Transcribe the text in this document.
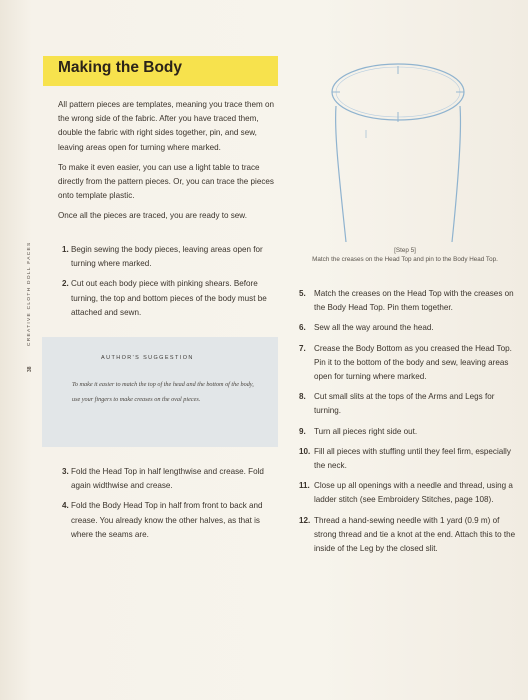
Making the Body

All pattern pieces are templates, meaning you trace them on the wrong side of the fabric. After you have traced them, double the fabric with right sides together, pin, and sew, leaving areas open for turning where marked.

To make it even easier, you can use a light table to trace directly from the pattern pieces. Or, you can trace the pieces onto template plastic.

Once all the pieces are traced, you are ready to sew.

1. Begin sewing the body pieces, leaving areas open for turning where marked.
2. Cut out each body piece with pinking shears. Before turning, the top and bottom pieces of the body must be attached and sewn.
AUTHOR'S SUGGESTION
To make it easier to match the top of the head and the bottom of the body, use your fingers to make creases on the oval pieces.
3. Fold the Head Top in half lengthwise and crease. Fold again widthwise and crease.
4. Fold the Body Head Top in half from front to back and crease. You already know the other halves, as that is where the seams are.
CREATIVE CLOTH DOLL FACES
38
[Step 5]
Match the creases on the Head Top and pin to the Body Head Top.
5. Match the creases on the Head Top with the creases on the Body Head Top. Pin them together.
6. Sew all the way around the head.
7. Crease the Body Bottom as you creased the Head Top. Pin it to the bottom of the body and sew, leaving areas open for turning where marked.
8. Cut small slits at the tops of the Arms and Legs for turning.
9. Turn all pieces right side out.
10. Fill all pieces with stuffing until they feel firm, especially the neck.
11. Close up all openings with a needle and thread, using a ladder stitch (see Embroidery Stitches, page 108).
12. Thread a hand-sewing needle with 1 yard (0.9 m) of strong thread and tie a knot at the end. Attach this to the inside of the Leg by the closed slit.
